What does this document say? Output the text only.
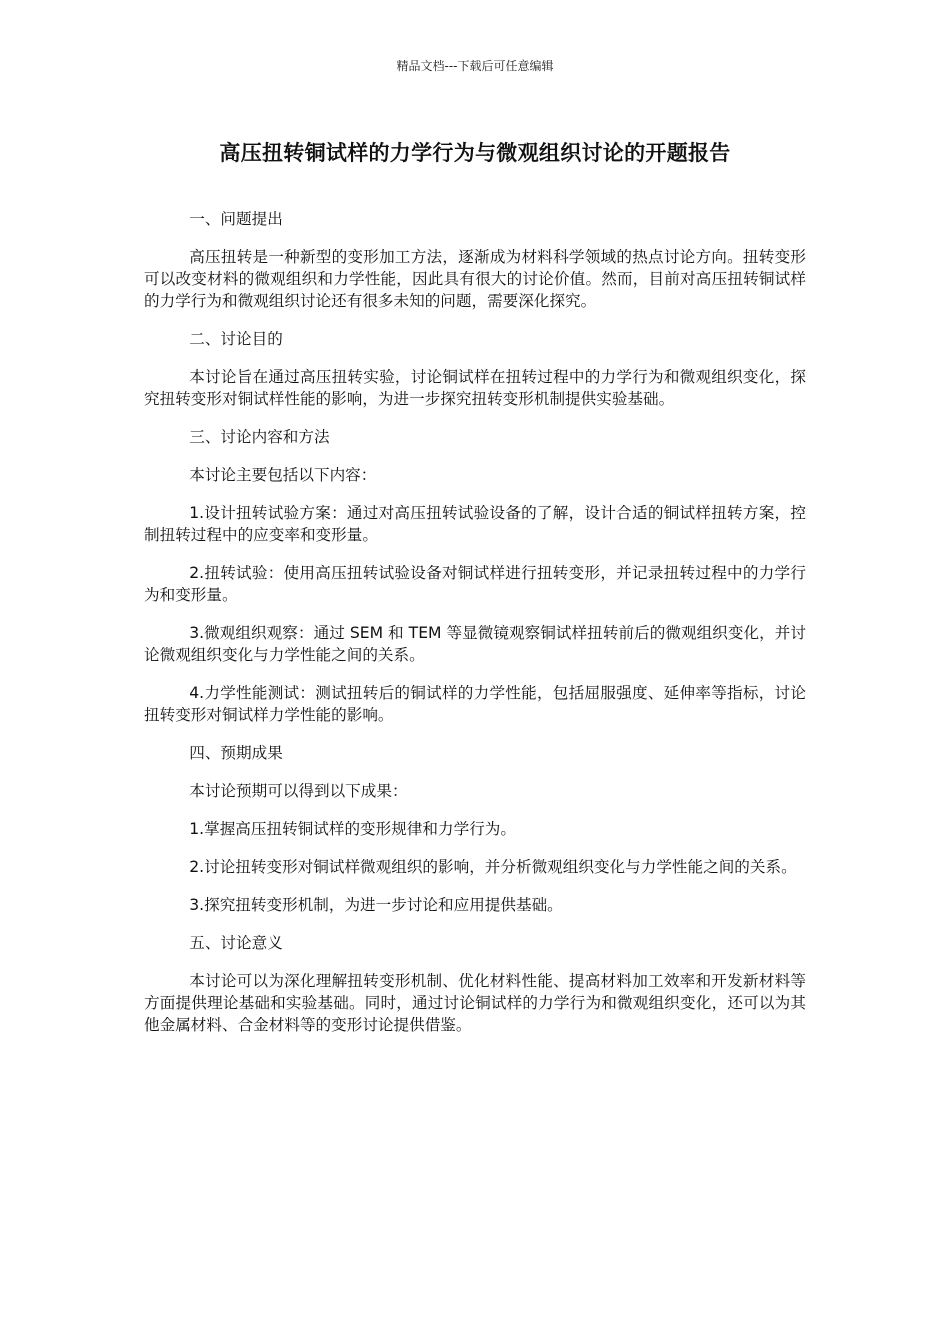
精品文档---下载后可任意编辑
高压扭转铜试样的力学行为与微观组织讨论的开题报告

一、问题提出

高压扭转是一种新型的变形加工方法，逐渐成为材料科学领域的热点讨论方向。扭转变形可以改变材料的微观组织和力学性能，因此具有很大的讨论价值。然而，目前对高压扭转铜试样的力学行为和微观组织讨论还有很多未知的问题，需要深化探究。

二、讨论目的

本讨论旨在通过高压扭转实验，讨论铜试样在扭转过程中的力学行为和微观组织变化，探究扭转变形对铜试样性能的影响，为进一步探究扭转变形机制提供实验基础。

三、讨论内容和方法

本讨论主要包括以下内容：

1.设计扭转试验方案：通过对高压扭转试验设备的了解，设计合适的铜试样扭转方案，控制扭转过程中的应变率和变形量。

2.扭转试验：使用高压扭转试验设备对铜试样进行扭转变形，并记录扭转过程中的力学行为和变形量。

3.微观组织观察：通过 SEM 和 TEM 等显微镜观察铜试样扭转前后的微观组织变化，并讨论微观组织变化与力学性能之间的关系。

4.力学性能测试：测试扭转后的铜试样的力学性能，包括屈服强度、延伸率等指标，讨论扭转变形对铜试样力学性能的影响。

四、预期成果

本讨论预期可以得到以下成果：

1.掌握高压扭转铜试样的变形规律和力学行为。

2.讨论扭转变形对铜试样微观组织的影响，并分析微观组织变化与力学性能之间的关系。

3.探究扭转变形机制，为进一步讨论和应用提供基础。

五、讨论意义

本讨论可以为深化理解扭转变形机制、优化材料性能、提高材料加工效率和开发新材料等方面提供理论基础和实验基础。同时，通过讨论铜试样的力学行为和微观组织变化，还可以为其他金属材料、合金材料等的变形讨论提供借鉴。
